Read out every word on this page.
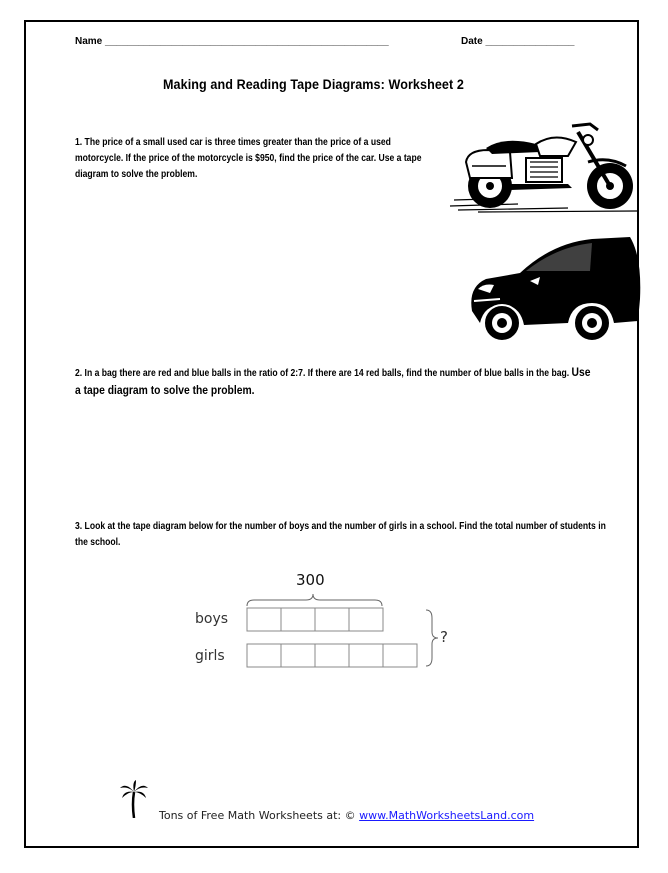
Name ___________________________________________________	Date ________________
Making and Reading Tape Diagrams: Worksheet 2
1. The price of a small used car is three times greater than the price of a used motorcycle. If the price of the motorcycle is $950, find the price of the car. Use a tape diagram to solve the problem.
2. In a bag there are red and blue balls in the ratio of 2:7. If there are 14 red balls, find the number of blue balls in the bag. Use a tape diagram to solve the problem.
3. Look at the tape diagram below for the number of boys and the number of girls in a school. Find the total number of students in the school.
300
boys
girls
?
Tons of Free Math Worksheets at: © www.MathWorksheetsLand.com
